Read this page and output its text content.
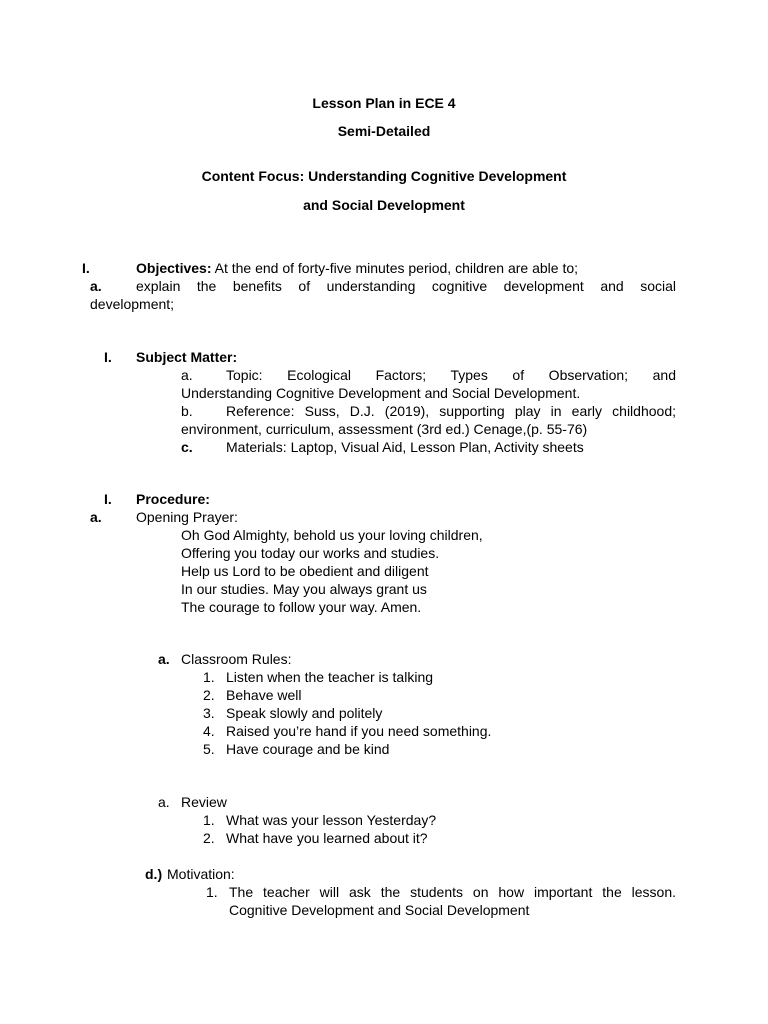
Lesson Plan in ECE 4
Semi-Detailed
Content Focus: Understanding Cognitive Development
and Social Development
I.	Objectives: At the end of forty-five minutes period, children are able to;
a. explain the benefits of understanding cognitive development and social
development;
I. Subject Matter:
a.	Topic: Ecological Factors; Types of Observation; and
Understanding Cognitive Development and Social Development.
b.	Reference: Suss, D.J. (2019), supporting play in early childhood;
environment, curriculum, assessment (3rd ed.) Cenage,(p. 55-76)
c. Materials: Laptop, Visual Aid, Lesson Plan, Activity sheets
I. Procedure:
a. Opening Prayer:
Oh God Almighty, behold us your loving children,
Offering you today our works and studies.
Help us Lord to be obedient and diligent
In our studies. May you always grant us
The courage to follow your way. Amen.
a. Classroom Rules:
1. Listen when the teacher is talking
2. Behave well
3. Speak slowly and politely
4. Raised you’re hand if you need something.
5. Have courage and be kind
a. Review
1. What was your lesson Yesterday?
2. What have you learned about it?
d.) Motivation:
1. The teacher will ask the students on how important the lesson.
Cognitive Development and Social Development
